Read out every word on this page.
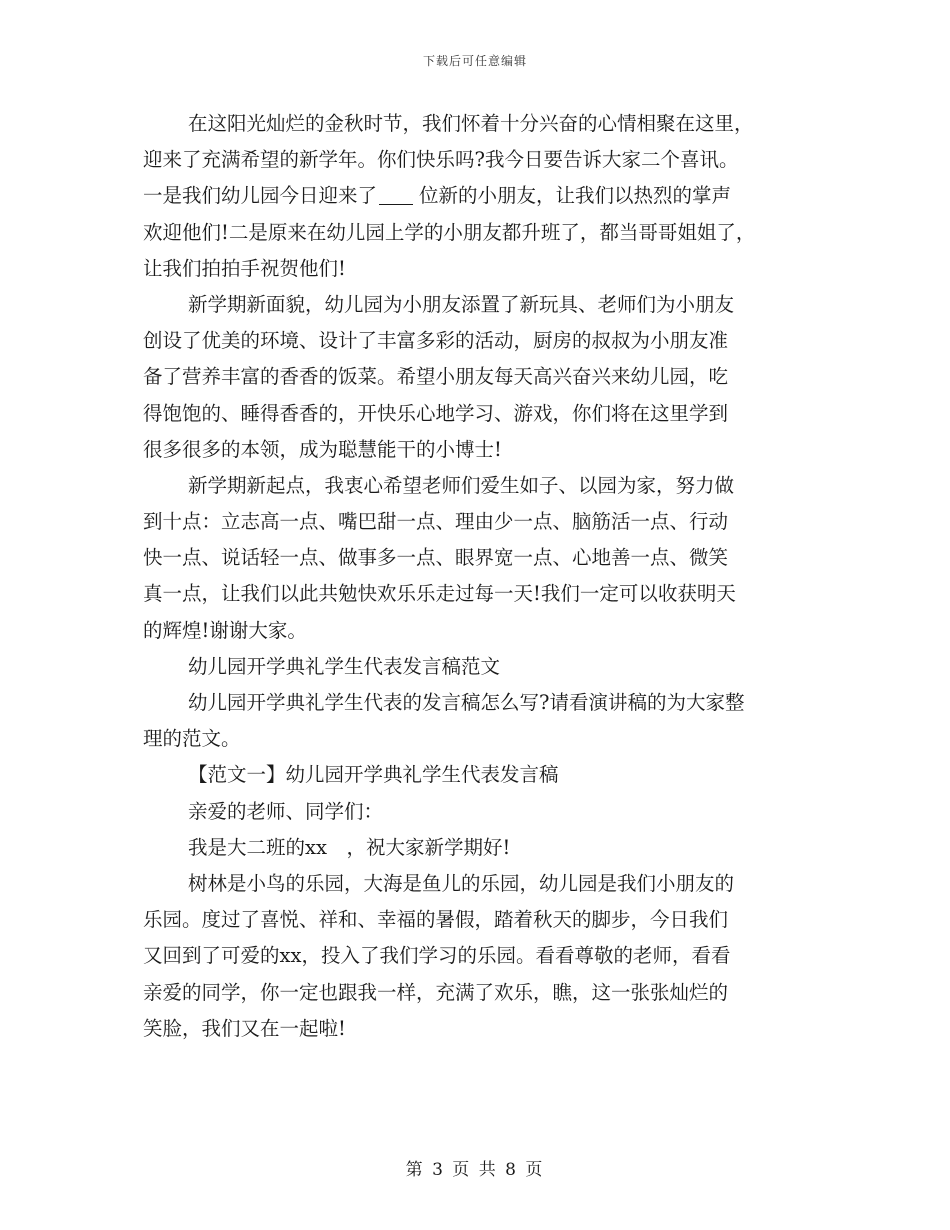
下载后可任意编辑
在这阳光灿烂的金秋时节，我们怀着十分兴奋的心情相聚在这里，
迎来了充满希望的新学年。你们快乐吗?我今日要告诉大家二个喜讯。
一是我们幼儿园今日迎来了 位新的小朋友，让我们以热烈的掌声
欢迎他们!二是原来在幼儿园上学的小朋友都升班了，都当哥哥姐姐了，
让我们拍拍手祝贺他们!
新学期新面貌，幼儿园为小朋友添置了新玩具、老师们为小朋友
创设了优美的环境、设计了丰富多彩的活动，厨房的叔叔为小朋友准
备了营养丰富的香香的饭菜。希望小朋友每天高兴奋兴来幼儿园，吃
得饱饱的、睡得香香的，开快乐心地学习、游戏，你们将在这里学到
很多很多的本领，成为聪慧能干的小博士!
新学期新起点，我衷心希望老师们爱生如子、以园为家，努力做
到十点：立志高一点、嘴巴甜一点、理由少一点、脑筋活一点、行动
快一点、说话轻一点、做事多一点、眼界宽一点、心地善一点、微笑
真一点，让我们以此共勉快欢乐乐走过每一天!我们一定可以收获明天
的辉煌!谢谢大家。
幼儿园开学典礼学生代表发言稿范文
幼儿园开学典礼学生代表的发言稿怎么写?请看演讲稿的为大家整
理的范文。
【范文一】幼儿园开学典礼学生代表发言稿
亲爱的老师、同学们：
我是大二班的xx　，祝大家新学期好!
树林是小鸟的乐园，大海是鱼儿的乐园，幼儿园是我们小朋友的
乐园。度过了喜悦、祥和、幸福的暑假，踏着秋天的脚步，今日我们
又回到了可爱的xx，投入了我们学习的乐园。看看尊敬的老师，看看
亲爱的同学，你一定也跟我一样，充满了欢乐，瞧，这一张张灿烂的
笑脸，我们又在一起啦!
第 3 页 共 8 页
